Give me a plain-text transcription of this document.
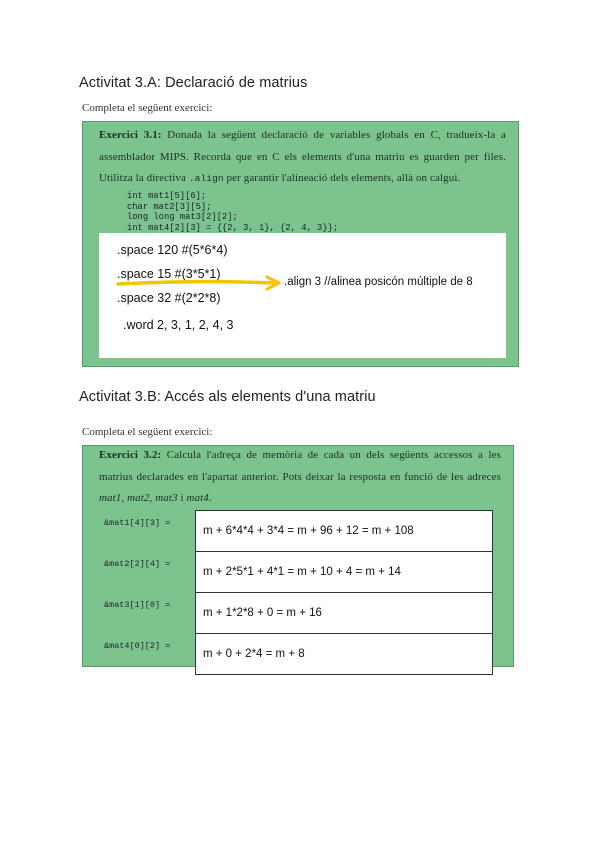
Activitat 3.A: Declaració de matrius
Completa el següent exercici:
Exercici 3.1: Donada la següent declaració de variables globals en C, tradueix-la a assemblador MIPS. Recorda que en C els elements d'una matriu es guarden per files. Utilitza la directiva .align per garantir l'alineació dels elements, allà on calgui.
int mat1[5][6];
char mat2[3][5];
long long mat3[2][2];
int mat4[2][3] = {{2, 3, 1}, {2, 4, 3}};
.space 120 #(5*6*4)
.space 15 #(3*5*1)
.space 32 #(2*2*8)
.word 2, 3, 1, 2, 4, 3
.align 3 //alinea posicón múltiple de 8
Activitat 3.B: Accés als elements d'una matriu
Completa el següent exercici:
Exercici 3.2: Calcula l'adreça de memòria de cada un dels següents accessos a les matrius declarades en l'apartat anterior. Pots deixar la resposta en funció de les adreces mat1, mat2, mat3 i mat4.
&mat1[4][3] =	m + 6*4*4 + 3*4 = m + 96 + 12 = m + 108
&mat2[2][4] =	m + 2*5*1 + 4*1 = m + 10 + 4 = m + 14
&mat3[1][0] =	m + 1*2*8 + 0 = m + 16
&mat4[0][2] =	m + 0 + 2*4 = m + 8
